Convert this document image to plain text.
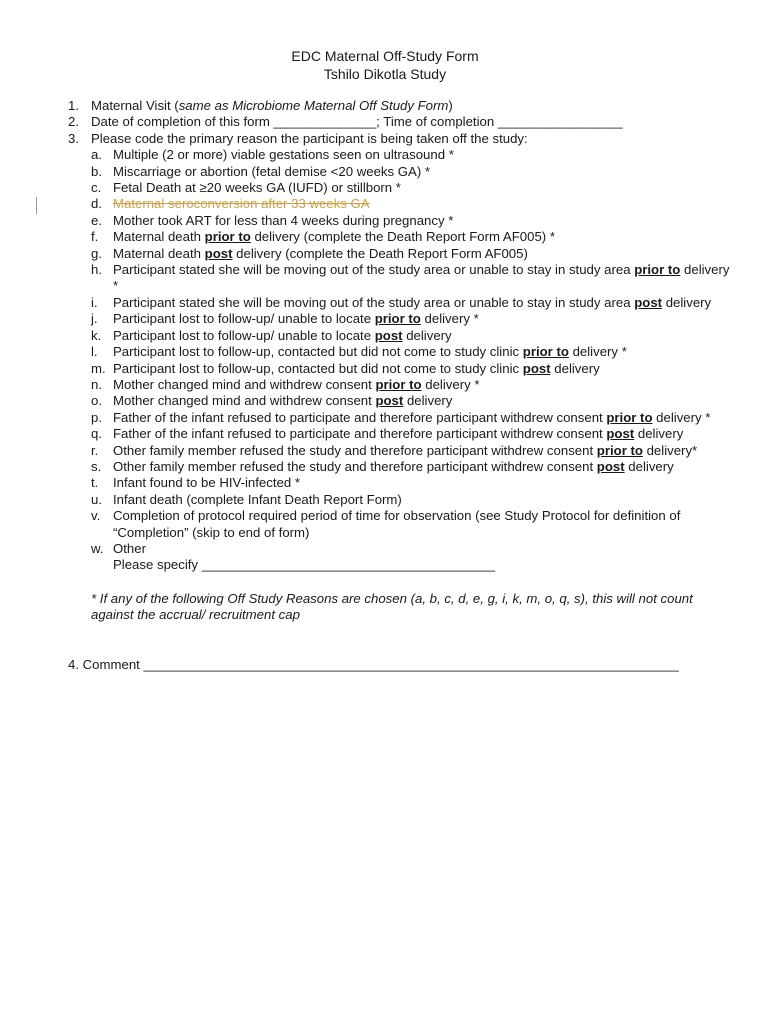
EDC Maternal Off-Study Form
Tshilo Dikotla Study
1. Maternal Visit (same as Microbiome Maternal Off Study Form)
2. Date of completion of this form ______________; Time of completion _________________
3. Please code the primary reason the participant is being taken off the study:
a. Multiple (2 or more) viable gestations seen on ultrasound *
b. Miscarriage or abortion (fetal demise <20 weeks GA) *
c. Fetal Death at ≥20 weeks GA (IUFD) or stillborn *
d. Maternal seroconversion after 33 weeks GA
e. Mother took ART for less than 4 weeks during pregnancy *
f. Maternal death prior to delivery (complete the Death Report Form AF005) *
g. Maternal death post delivery (complete the Death Report Form AF005)
h. Participant stated she will be moving out of the study area or unable to stay in study area prior to delivery *
i. Participant stated she will be moving out of the study area or unable to stay in study area post delivery
j. Participant lost to follow-up/ unable to locate prior to delivery *
k. Participant lost to follow-up/ unable to locate post delivery
l. Participant lost to follow-up, contacted but did not come to study clinic prior to delivery *
m. Participant lost to follow-up, contacted but did not come to study clinic post delivery
n. Mother changed mind and withdrew consent prior to delivery *
o. Mother changed mind and withdrew consent post delivery
p. Father of the infant refused to participate and therefore participant withdrew consent prior to delivery *
q. Father of the infant refused to participate and therefore participant withdrew consent post delivery
r. Other family member refused the study and therefore participant withdrew consent prior to delivery*
s. Other family member refused the study and therefore participant withdrew consent post delivery
t. Infant found to be HIV-infected *
u. Infant death (complete Infant Death Report Form)
v. Completion of protocol required period of time for observation (see Study Protocol for definition of “Completion” (skip to end of form)
w. Other
Please specify ________________________________________
* If any of the following Off Study Reasons are chosen (a, b, c, d, e, g, i, k, m, o, q, s), this will not count against the accrual/ recruitment cap
4. Comment _________________________________________________________________________
